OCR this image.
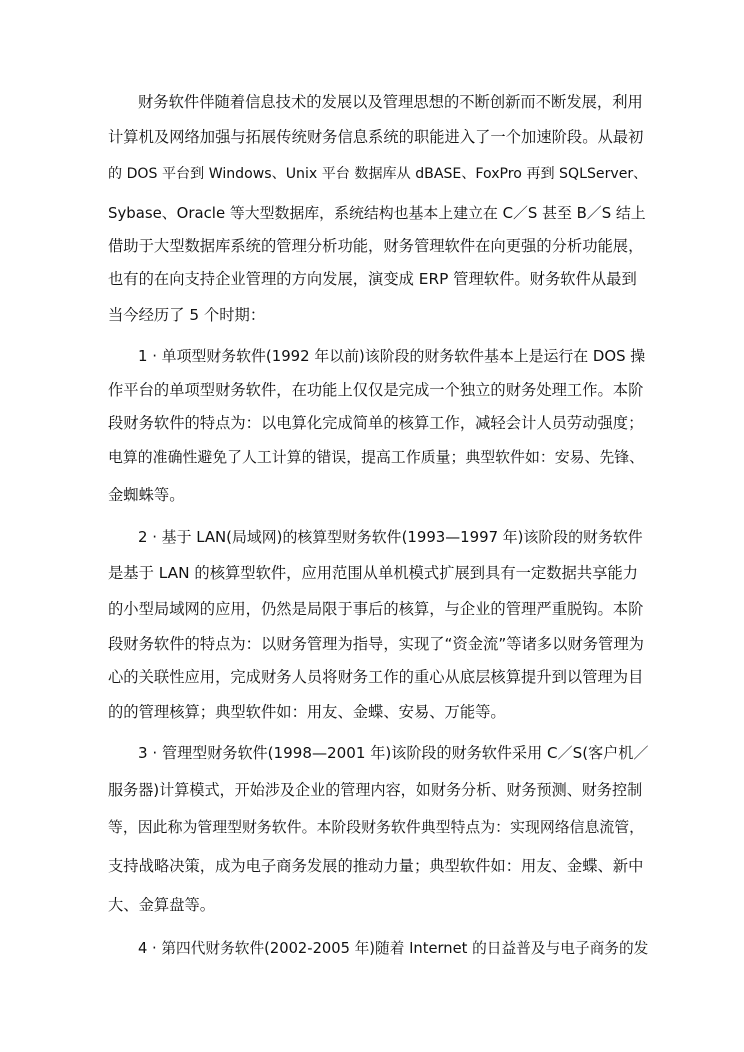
财务软件伴随着信息技术的发展以及管理思想的不断创新而不断发展，利用
计算机及网络加强与拓展传统财务信息系统的职能进入了一个加速阶段。从最初
的 DOS 平台到 Windows、Unix 平台 数据库从 dBASE、FoxPro 再到 SQLServer、
Sybase、Oracle 等大型数据库，系统结构也基本上建立在 C／S 甚至 B／S 结上
借助于大型数据库系统的管理分析功能，财务管理软件在向更强的分析功能展，
也有的在向支持企业管理的方向发展，演变成 ERP 管理软件。财务软件从最到
当今经历了 5 个时期：
1 · 单项型财务软件(1992 年以前)该阶段的财务软件基本上是运行在 DOS 操
作平台的单项型财务软件，在功能上仅仅是完成一个独立的财务处理工作。本阶
段财务软件的特点为：以电算化完成简单的核算工作，减轻会计人员劳动强度；
电算的准确性避免了人工计算的错误，提高工作质量；典型软件如：安易、先锋、
金蜘蛛等。
2 · 基于 LAN(局域网)的核算型财务软件(1993—1997 年)该阶段的财务软件
是基于 LAN 的核算型软件，应用范围从单机模式扩展到具有一定数据共享能力
的小型局域网的应用，仍然是局限于事后的核算，与企业的管理严重脱钩。本阶
段财务软件的特点为：以财务管理为指导，实现了“资金流”等诸多以财务管理为
心的关联性应用，完成财务人员将财务工作的重心从底层核算提升到以管理为目
的的管理核算；典型软件如：用友、金蝶、安易、万能等。
3 · 管理型财务软件(1998—2001 年)该阶段的财务软件采用 C／S(客户机／
服务器)计算模式，开始涉及企业的管理内容，如财务分析、财务预测、财务控制
等，因此称为管理型财务软件。本阶段财务软件典型特点为：实现网络信息流管，
支持战略决策，成为电子商务发展的推动力量；典型软件如：用友、金蝶、新中
大、金算盘等。
4 · 第四代财务软件(2002-2005 年)随着 Internet 的日益普及与电子商务的发
